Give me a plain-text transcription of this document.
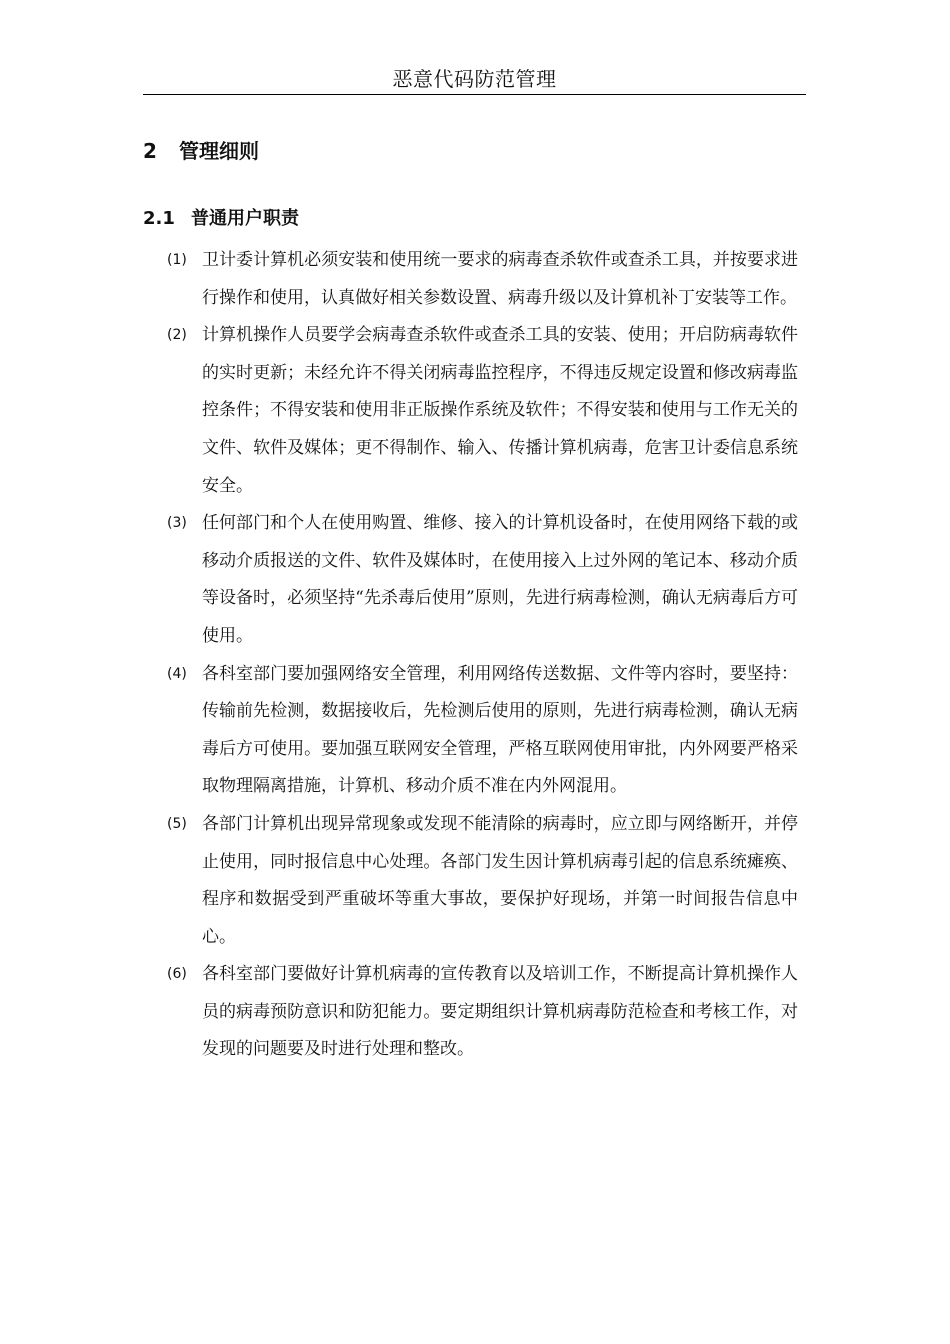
恶意代码防范管理
2 管理细则
2.1 普通用户职责

(1) 卫计委计算机必须安装和使用统一要求的病毒查杀软件或查杀工具，并按要求进行操作和使用，认真做好相关参数设置、病毒升级以及计算机补丁安装等工作。

(2) 计算机操作人员要学会病毒查杀软件或查杀工具的安装、使用；开启防病毒软件的实时更新；未经允许不得关闭病毒监控程序，不得违反规定设置和修改病毒监控条件；不得安装和使用非正版操作系统及软件；不得安装和使用与工作无关的文件、软件及媒体；更不得制作、输入、传播计算机病毒，危害卫计委信息系统安全。

(3) 任何部门和个人在使用购置、维修、接入的计算机设备时，在使用网络下载的或移动介质报送的文件、软件及媒体时，在使用接入上过外网的笔记本、移动介质等设备时，必须坚持“先杀毒后使用”原则，先进行病毒检测，确认无病毒后方可使用。

(4) 各科室部门要加强网络安全管理，利用网络传送数据、文件等内容时，要坚持：传输前先检测，数据接收后，先检测后使用的原则，先进行病毒检测，确认无病毒后方可使用。要加强互联网安全管理，严格互联网使用审批，内外网要严格采取物理隔离措施，计算机、移动介质不准在内外网混用。

(5) 各部门计算机出现异常现象或发现不能清除的病毒时，应立即与网络断开，并停止使用，同时报信息中心处理。各部门发生因计算机病毒引起的信息系统瘫痪、程序和数据受到严重破坏等重大事故，要保护好现场，并第一时间报告信息中心。

(6) 各科室部门要做好计算机病毒的宣传教育以及培训工作，不断提高计算机操作人员的病毒预防意识和防犯能力。要定期组织计算机病毒防范检查和考核工作，对发现的问题要及时进行处理和整改。
